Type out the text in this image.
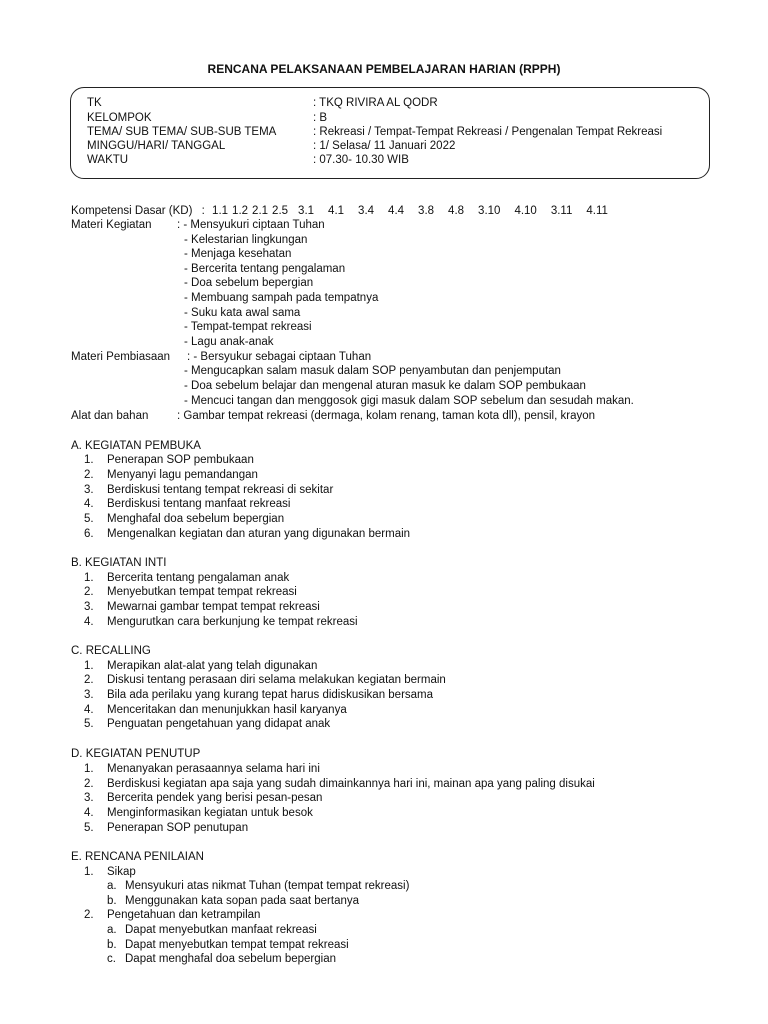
RENCANA PELAKSANAAN PEMBELAJARAN HARIAN (RPPH)
TK	: TKQ RIVIRA AL QODR
KELOMPOK	: B
TEMA/ SUB TEMA/ SUB-SUB TEMA	: Rekreasi / Tempat-Tempat Rekreasi / Pengenalan Tempat Rekreasi
MINGGU/HARI/ TANGGAL	: 1/ Selasa/ 11 Januari 2022
WAKTU	: 07.30- 10.30 WIB
Kompetensi Dasar (KD) : 1.1 1.2 2.1 2.5 3.1 4.1 3.4 4.4 3.8 4.8 3.10 4.10 3.11 4.11
Materi Kegiatan : - Mensyukuri ciptaan Tuhan
- Kelestarian lingkungan
- Menjaga kesehatan
- Bercerita tentang pengalaman
- Doa sebelum bepergian
- Membuang sampah pada tempatnya
- Suku kata awal sama
- Tempat-tempat rekreasi
- Lagu anak-anak
Materi Pembiasaan : - Bersyukur sebagai ciptaan Tuhan
- Mengucapkan salam masuk dalam SOP penyambutan dan penjemputan
- Doa sebelum belajar dan mengenal aturan masuk ke dalam SOP pembukaan
- Mencuci tangan dan menggosok gigi masuk dalam SOP sebelum dan sesudah makan.
Alat dan bahan : Gambar tempat rekreasi (dermaga, kolam renang, taman kota dll), pensil, krayon
A. KEGIATAN PEMBUKA
1. Penerapan SOP pembukaan
2. Menyanyi lagu pemandangan
3. Berdiskusi tentang tempat rekreasi di sekitar
4. Berdiskusi tentang manfaat rekreasi
5. Menghafal doa sebelum bepergian
6. Mengenalkan kegiatan dan aturan yang digunakan bermain
B. KEGIATAN INTI
1. Bercerita tentang pengalaman anak
2. Menyebutkan tempat tempat rekreasi
3. Mewarnai gambar tempat tempat rekreasi
4. Mengurutkan cara berkunjung ke tempat rekreasi
C. RECALLING
1. Merapikan alat-alat yang telah digunakan
2. Diskusi tentang perasaan diri selama melakukan kegiatan bermain
3. Bila ada perilaku yang kurang tepat harus didiskusikan bersama
4. Menceritakan dan menunjukkan hasil karyanya
5. Penguatan pengetahuan yang didapat anak
D. KEGIATAN PENUTUP
1. Menanyakan perasaannya selama hari ini
2. Berdiskusi kegiatan apa saja yang sudah dimainkannya hari ini, mainan apa yang paling disukai
3. Bercerita pendek yang berisi pesan-pesan
4. Menginformasikan kegiatan untuk besok
5. Penerapan SOP penutupan
E. RENCANA PENILAIAN
1. Sikap
a. Mensyukuri atas nikmat Tuhan (tempat tempat rekreasi)
b. Menggunakan kata sopan pada saat bertanya
2. Pengetahuan dan ketrampilan
a. Dapat menyebutkan manfaat rekreasi
b. Dapat menyebutkan tempat tempat rekreasi
c. Dapat menghafal doa sebelum bepergian
